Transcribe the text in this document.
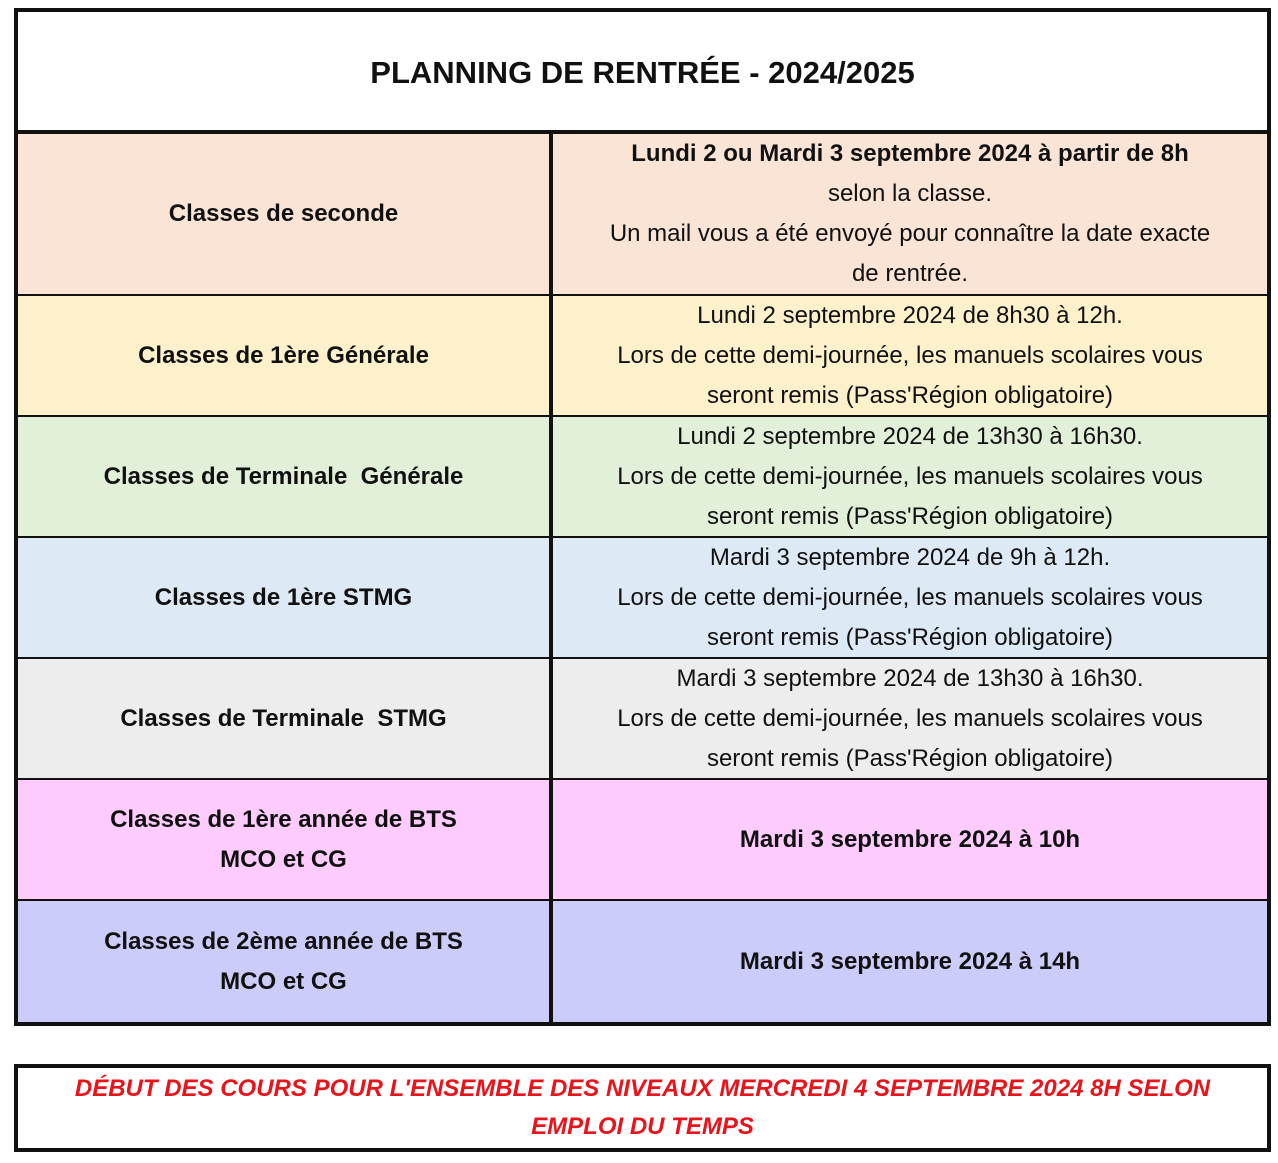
PLANNING DE RENTRÉE - 2024/2025
Classes de seconde
Lundi 2 ou Mardi 3 septembre 2024 à partir de 8h
selon la classe.
Un mail vous a été envoyé pour connaître la date exacte
de rentrée.
Classes de 1ère Générale
Lundi 2 septembre 2024 de 8h30 à 12h.
Lors de cette demi-journée, les manuels scolaires vous
seront remis (Pass'Région obligatoire)
Classes de Terminale  Générale
Lundi 2 septembre 2024 de 13h30 à 16h30.
Lors de cette demi-journée, les manuels scolaires vous
seront remis (Pass'Région obligatoire)
Classes de 1ère STMG
Mardi 3 septembre 2024 de 9h à 12h.
Lors de cette demi-journée, les manuels scolaires vous
seront remis (Pass'Région obligatoire)
Classes de Terminale  STMG
Mardi 3 septembre 2024 de 13h30 à 16h30.
Lors de cette demi-journée, les manuels scolaires vous
seront remis (Pass'Région obligatoire)
Classes de 1ère année de BTS
MCO et CG
Mardi 3 septembre 2024 à 10h
Classes de 2ème année de BTS
MCO et CG
Mardi 3 septembre 2024 à 14h
DÉBUT DES COURS POUR L'ENSEMBLE DES NIVEAUX MERCREDI 4 SEPTEMBRE 2024 8H SELON
EMPLOI DU TEMPS
